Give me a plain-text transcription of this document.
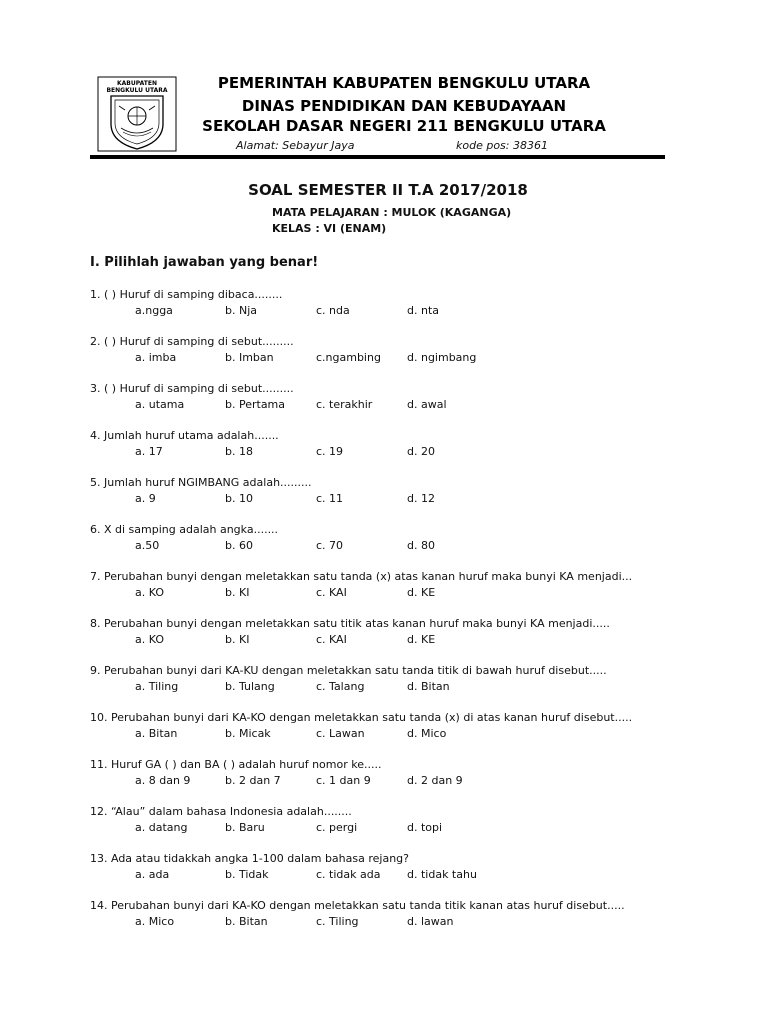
KABUPATEN
BENGKULU UTARA	PEMERINTAH KABUPATEN BENGKULU UTARA
DINAS PENDIDIKAN DAN KEBUDAYAAN
SEKOLAH DASAR NEGERI 211 BENGKULU UTARA
Alamat: Sebayur Jaya	kode pos: 38361
SOAL SEMESTER II T.A 2017/2018
MATA PELAJARAN : MULOK (KAGANGA)
KELAS : VI (ENAM)
I. Pilihlah jawaban yang benar!
1. ( ) Huruf di samping dibaca........
a.ngga	b. Nja	c. nda	d. nta
2. ( ) Huruf di samping di sebut.........
a. imba	b. Imban	c.ngambing d. ngimbang
3. ( ) Huruf di samping di sebut.........
a. utama	b. Pertama	c. terakhir	d. awal
4. Jumlah huruf utama adalah.......
a. 17	b. 18	c. 19	d. 20
5. Jumlah huruf NGIMBANG adalah.........
a. 9	b. 10	c. 11	d. 12
6. X di samping adalah angka.......
a.50	b. 60	c. 70	d. 80
7. Perubahan bunyi dengan meletakkan satu tanda (x) atas kanan huruf maka bunyi KA menjadi...
a. KO	b. KI	c. KAI	d. KE
8. Perubahan bunyi dengan meletakkan satu titik atas kanan huruf maka bunyi KA menjadi.....
a. KO	b. KI	c. KAI	d. KE
9. Perubahan bunyi dari KA-KU dengan meletakkan satu tanda titik di bawah huruf disebut.....
a. Tiling	b. Tulang	c. Talang	d. Bitan
10. Perubahan bunyi dari KA-KO dengan meletakkan satu tanda (x) di atas kanan huruf disebut.....
a. Bitan	b. Micak	c. Lawan	d. Mico
11. Huruf GA ( ) dan BA ( ) adalah huruf nomor ke.....
a. 8 dan 9	b. 2 dan 7	c. 1 dan 9	d. 2 dan 9
12. “Alau” dalam bahasa Indonesia adalah........
a. datang	b. Baru	c. pergi	d. topi
13. Ada atau tidakkah angka 1-100 dalam bahasa rejang?
a. ada	b. Tidak	c. tidak ada d. tidak tahu
14. Perubahan bunyi dari KA-KO dengan meletakkan satu tanda titik kanan atas huruf disebut.....
a. Mico	b. Bitan	c. Tiling	d. lawan
